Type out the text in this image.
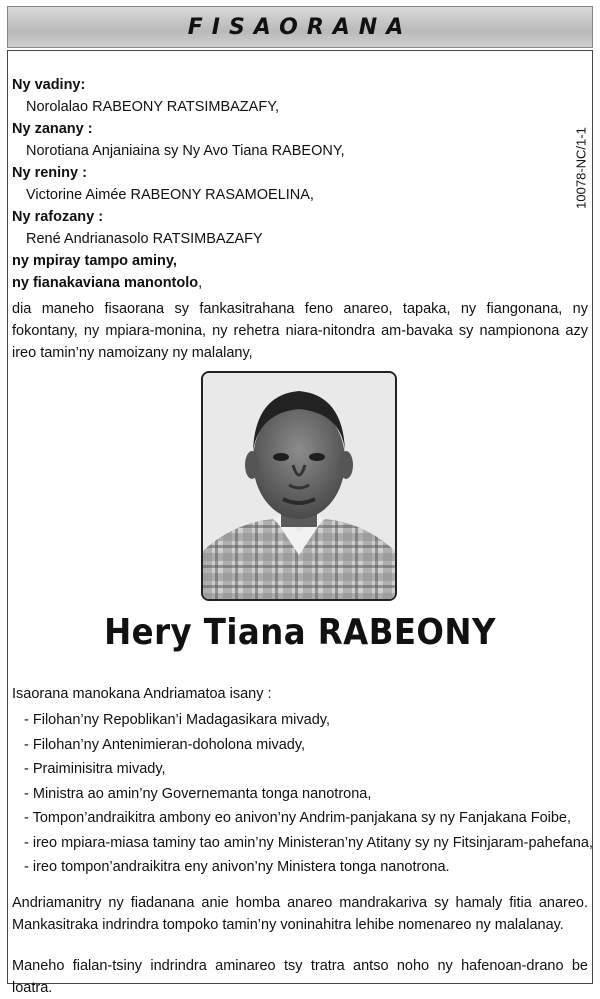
FISAORANA
Ny vadiny:
Norolalao RABEONY RATSIMBAZAFY,
Ny zanany :
Norotiana Anjaniaina sy Ny Avo Tiana RABEONY,
Ny reniny :
Victorine Aimée RABEONY RASAMOELINA,
Ny rafozany :
René Andrianasolo RATSIMBAZAFY
ny mpiray tampo aminy,
ny fianakaviana manontolo,
10078-NC/1-1
dia maneho fisaorana sy fankasitrahana feno anareo, tapaka, ny fiangonana, ny fokontany, ny mpiara-monina, ny rehetra niara-nitondra am-bavaka sy nampionona azy ireo tamin’ny namoizany ny malalany,
Hery Tiana RABEONY
Isaorana manokana Andriamatoa isany :
- Filohan’ny Repoblikan’i Madagasikara mivady,
- Filohan’ny Antenimieran-doholona mivady,
- Praiminisitra mivady,
- Ministra ao amin’ny Governemanta tonga nanotrona,
- Tompon’andraikitra ambony eo anivon’ny Andrim-panjakana sy ny Fanjakana Foibe,
- ireo mpiara-miasa taminy tao amin’ny Ministeran’ny Atitany sy ny Fitsinjaram-pahefana,
- ireo tompon’andraikitra eny anivon’ny Ministera tonga nanotrona.
Andriamanitry ny fiadanana anie homba anareo mandrakariva sy hamaly fitia anareo. Mankasitraka indrindra tompoko tamin’ny voninahitra lehibe nomenareo ny malalanay.
Maneho fialan-tsiny indrindra aminareo tsy tratra antso noho ny hafenoan-drano be loatra.
